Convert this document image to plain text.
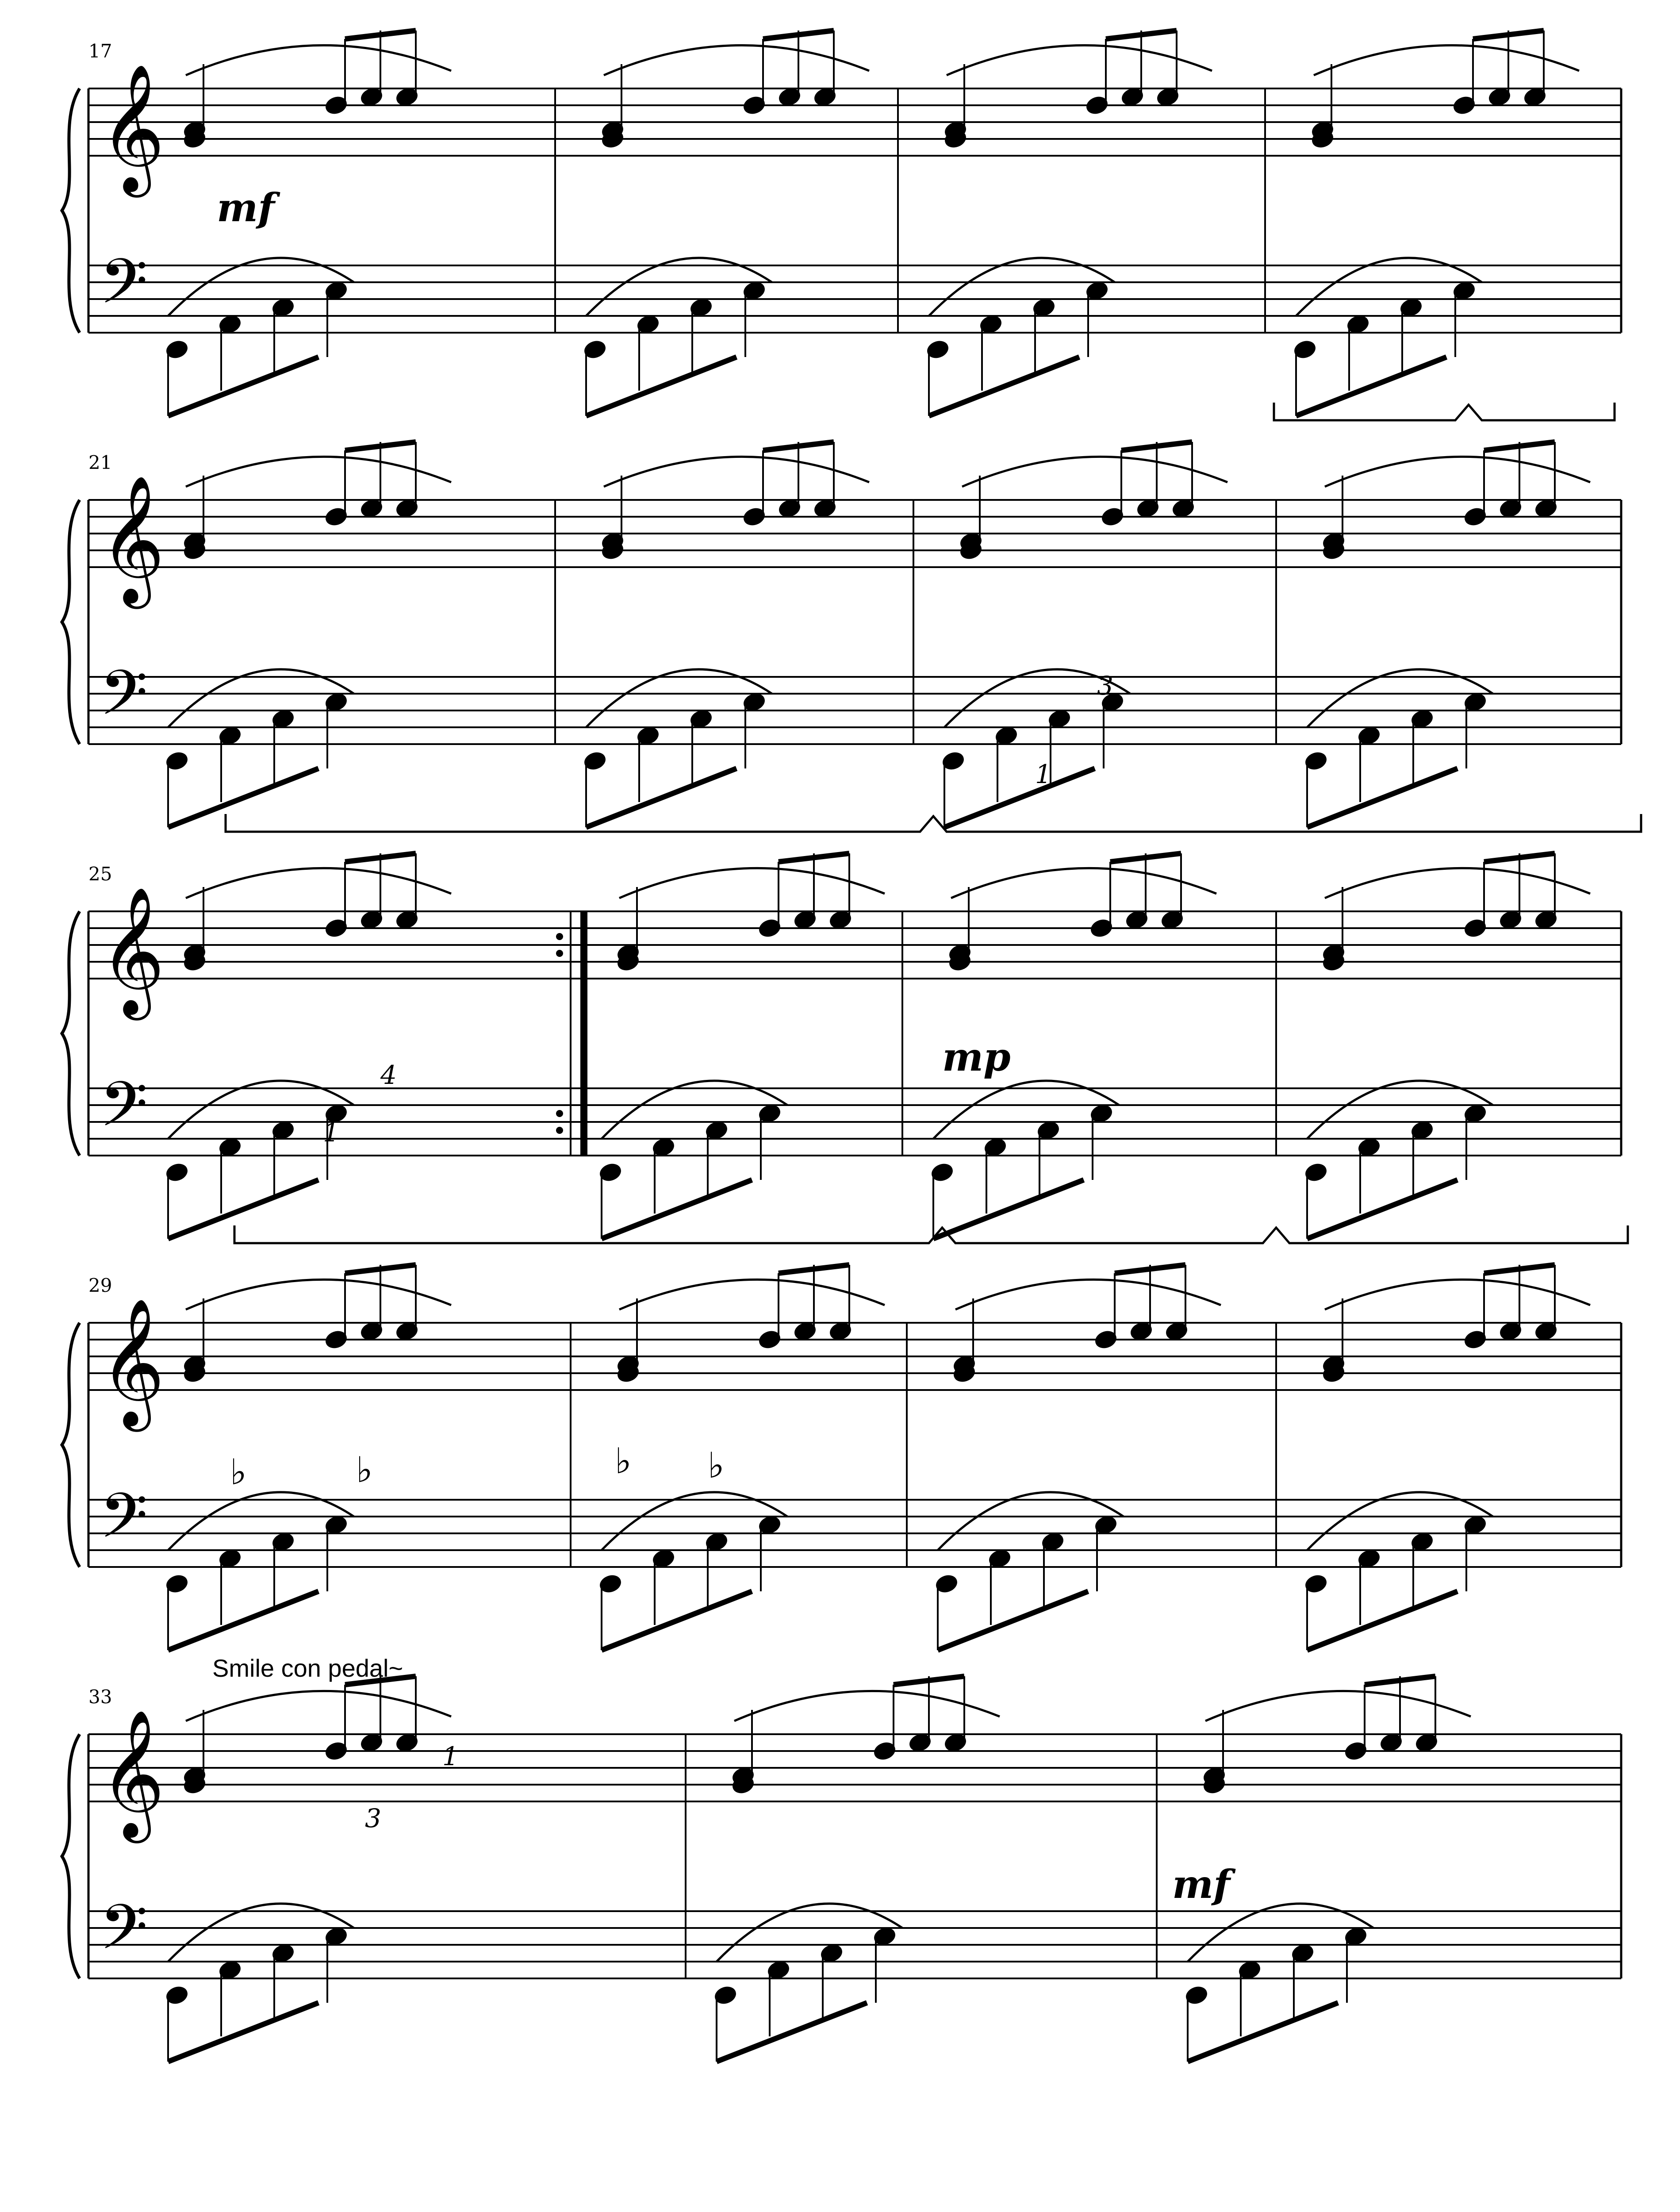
𝄞
𝄢
𝄞
𝄢
𝄞
𝄢
𝄞
𝄢
𝄞
𝄢
♭	♭	♭ ♭
17
21
25
29
33
mf
mp
mf
1
3
4
1
1
3
Smile con pedal~
